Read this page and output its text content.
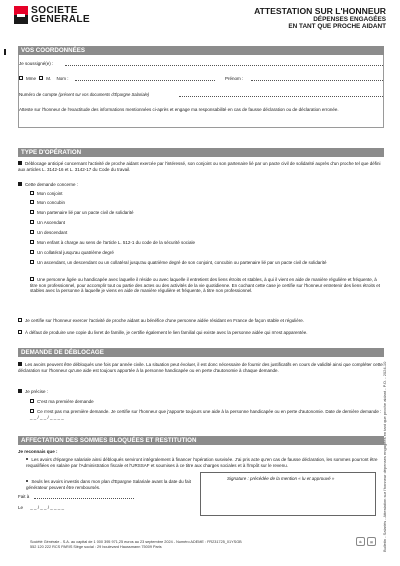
SOCIETE
GENERALE
ATTESTATION SUR L'HONNEUR
DÉPENSES ENGAGÉES
EN TANT QUE PROCHE AIDANT
VOS COORDONNÉES
Je soussigné(e) :
Mme M. Nom :	Prénom :
Numéro de compte (présent sur vos documents d'Épargne Salariale)
Atteste sur l'honneur de l'exactitude des informations mentionnées ci-après et engage ma responsabilité en cas de fausse déclaration ou de déclaration erronée.
TYPE D'OPÉRATION
Déblocage anticipé concernant l'activité de proche aidant exercée par l'intéressé, son conjoint ou son partenaire lié par un pacte civil de solidarité auprès d'un proche tel que défini aux articles L. 3142-16 et L. 3142-17 du Code du travail.
Cette demande concerne :
Mon conjoint
Mon concubin
Mon partenaire lié par un pacte civil de solidarité
Un Ascendant
Un descendant
Mon enfant à charge au sens de l'article L. 512-1 du code de la sécurité sociale
Un collatéral jusqu'au quatrième degré
Un ascendant, un descendant ou un collatéral jusqu'au quatrième degré de son conjoint, concubin ou partenaire lié par un pacte civil de solidarité
Une personne âgée ou handicapée avec laquelle il réside ou avec laquelle il entretient des liens étroits et stables, à qui il vient en aide de manière régulière et fréquente, à titre non professionnel, pour accomplir tout ou partie des actes ou des activités de la vie quotidienne. En cochant cette case je certifie sur l'honneur entretenir des liens étroits et stables avec la personne à laquelle je viens en aide de manière régulière et fréquente, à titre non professionnel.
Je certifie sur l'honneur exercer l'activité de proche aidant au bénéfice d'une personne aidée résidant en France de façon stable et régulière.
À défaut de produire une copie du livret de famille, je certifie également le lien familial qui existe avec la personne aidée qui m'est apparentée.
DEMANDE DE DÉBLOCAGE
Les avoirs peuvent être débloqués une fois par année civile. La situation peut évoluer, il est donc nécessaire de fournir des justificatifs en cours de validité ainsi que compléter cette déclaration sur l'honneur qu'une aide est toujours apportée à la personne handicapée ou en perte d'autonomie à chaque demande.
Je précise :
C'est ma première demande
Ce n'est pas ma première demande. Je certifie sur l'honneur que j'apporte toujours une aide à la personne handicapée ou en perte d'autonomie. Date de dernière demande : _ _ / _ _ / _ _ _ _
AFFECTATION DES SOMMES BLOQUÉES ET RESTITUTION
Je reconnais que :
Les avoirs d'épargne salariale ainsi débloqués serviront intégralement à financer l'opération susvisée. J'ai pris acte qu'en cas de fausse déclaration, les sommes pourront être requalifiées en salaire par l'Administration fiscale et l'URSSAF et soumises à ce titre aux charges sociales et à l'impôt sur le revenu.
Seuls les avoirs investis dans mon plan d'Epargne Salariale avant la date du fait générateur peuvent être remboursés.
Fait à
Le _ _ / _ _ / _ _ _ _
Signature : précédée de la mention « lu et approuvé »
Société Générale - S.A. au capital de 1 000 395 971,25 euros au 23 septembre 2024 - Numéro ADEME : FR231725_01YSGB
552 120 222 RCS PARIS Siège social : 29 boulevard Haussmann 75009 Paris
♻	▤	Bulletin - Salariés - Attestation sur l'honneur dépenses engagées en tant que proche aidant - P.O. - 2024-10
